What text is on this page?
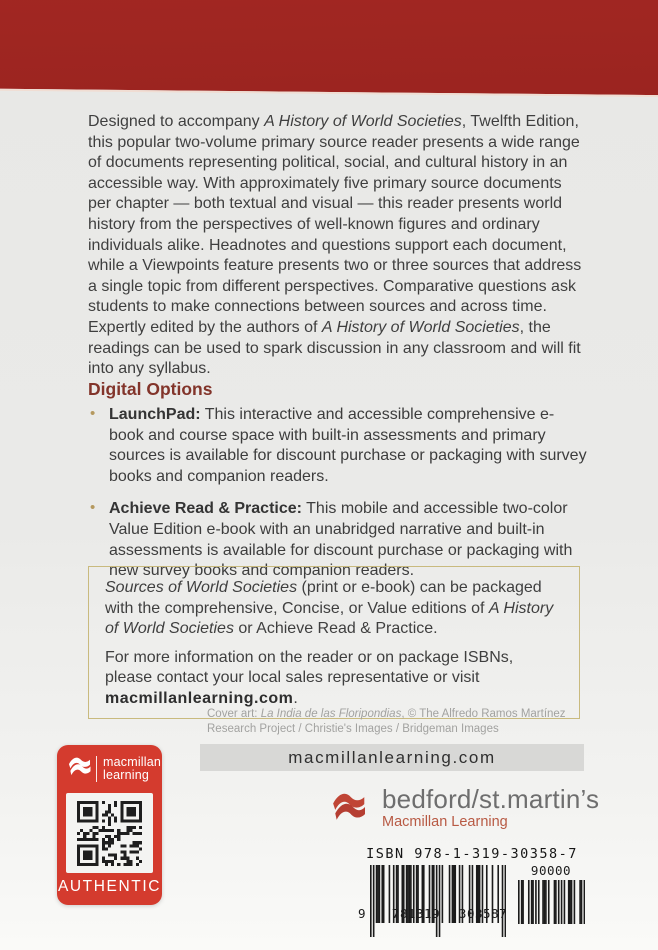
Designed to accompany A History of World Societies, Twelfth Edition, this popular two-volume primary source reader presents a wide range of documents representing political, social, and cultural history in an accessible way. With approximately five primary source documents per chapter — both textual and visual — this reader presents world history from the perspectives of well-known figures and ordinary individuals alike. Headnotes and questions support each document, while a Viewpoints feature presents two or three sources that address a single topic from different perspectives. Comparative questions ask students to make connections between sources and across time. Expertly edited by the authors of A History of World Societies, the readings can be used to spark discussion in any classroom and will fit into any syllabus.

Digital Options
• LaunchPad: This interactive and accessible comprehensive e-book and course space with built-in assessments and primary sources is available for discount purchase or packaging with survey books and companion readers.
• Achieve Read & Practice: This mobile and accessible two-color Value Edition e-book with an unabridged narrative and built-in assessments is available for discount purchase or packaging with new survey books and companion readers.

Sources of World Societies (print or e-book) can be packaged with the comprehensive, Concise, or Value editions of A History of World Societies or Achieve Read & Practice.

For more information on the reader or on package ISBNs, please contact your local sales representative or visit macmillanlearning.com.

Cover art: La India de las Floripondias, © The Alfredo Ramos Martínez Research Project / Christie's Images / Bridgeman Images

macmillanlearning.com
bedford/st.martin’s
Macmillan Learning
ISBN 978-1-319-30358-7
9	781319	303587
90000
macmillan
learning
AUTHENTIC
